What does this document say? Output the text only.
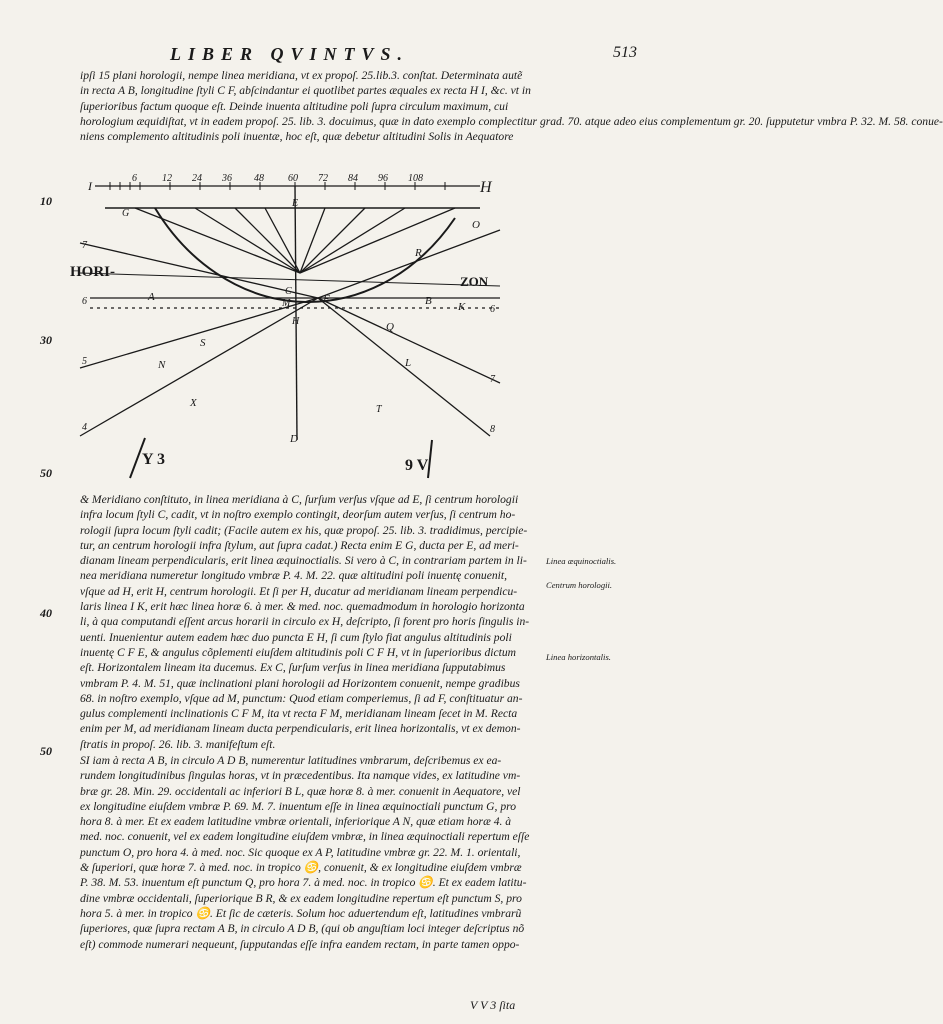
LIBER QVINTVS.	513
ipſi 15 plani horologii, nempe linea meridiana, vt ex propoſ. 25.lib.3. conſtat. Determinata autẽ
in recta A B, longitudine ſtyli C F, abſcindantur ei quotlibet partes æquales ex recta H I, &c. vt in
ſuperioribus factum quoque eſt. Deinde inuenta altitudine poli ſupra circulum maximum, cui
horologium æquidiſtat, vt in eadem propoſ. 25. lib. 3. docuimus, quæ in dato exemplo complectitur grad. 70. atque adeo eius complementum gr. 20. ſupputetur vmbra P. 32. M. 58. conue-
niens complemento altitudinis poli inuentæ, hoc eſt, quæ debetur altitudini Solis in Aequatore
I
6	12 24 36 48 60 72 84 96 108
H
HORI-
ZON
G
E
O
R
A	C
M	F	B K
H	Q
N	L
X
T
D
S
7
6
5
4
6
7
8
Y 3	9 V
10
30
50
& Meridiano conſtituto, in linea meridiana à C, ſurſum verſus vſque ad E, ſi centrum horologii
infra locum ſtyli C, cadit, vt in noſtro exemplo contingit, deorſum autem verſus, ſi centrum ho-
rologii ſupra locum ſtyli cadit; (Facile autem ex his, quæ propoſ. 25. lib. 3. tradidimus, percipie-
tur, an centrum horologii infra ſtylum, aut ſupra cadat.) Recta enim E G, ducta per E, ad meri-
dianam lineam perpendicularis, erit linea æquinoctialis. Si vero à C, in contrariam partem in li-
nea meridiana numeretur longitudo vmbræ P. 4. M. 22. quæ altitudini poli inuentę conuenit,
vſque ad H, erit H, centrum horologii. Et ſi per H, ducatur ad meridianam lineam perpendicu-
laris linea I K, erit hæc linea horæ 6. à mer. & med. noc. quemadmodum in horologio horizonta
li, à qua computandi eſſent arcus horarii in circulo ex H, deſcripto, ſi forent pro horis ſingulis in-
uenti. Inuenientur autem eadem hæc duo puncta E H, ſi cum ſtylo fiat angulus altitudinis poli
inuentę C F E, & angulus cõplementi eiuſdem altitudinis poli C F H, vt in ſuperioribus dictum
eſt. Horizontalem lineam ita ducemus. Ex C, ſurſum verſus in linea meridiana ſupputabimus
vmbram P. 4. M. 51, quæ inclinationi plani horologii ad Horizontem conuenit, nempe gradibus
68. in noſtro exemplo, vſque ad M, punctum: Quod etiam comperiemus, ſi ad F, conſtituatur an-
gulus complementi inclinationis C F M, ita vt recta F M, meridianam lineam ſecet in M. Recta
enim per M, ad meridianam lineam ducta perpendicularis, erit linea horizontalis, vt ex demon-
ſtratis in propoſ. 26. lib. 3. manifeſtum eſt.
40
50
Linea æquinoctialis.
Centrum horologii.
Linea horizontalis.
SI iam à recta A B, in circulo A D B, numerentur latitudines vmbrarum, deſcribemus ex ea-
rundem longitudinibus ſingulas horas, vt in præcedentibus. Ita namque vides, ex latitudine vm-
bræ gr. 28. Min. 29. occidentali ac inferiori B L, quæ horæ 8. à mer. conuenit in Aequatore, vel
ex longitudine eiuſdem vmbræ P. 69. M. 7. inuentum eſſe in linea æquinoctiali punctum G, pro
hora 8. à mer. Et ex eadem latitudine vmbræ orientali, inferiorique A N, quæ etiam horæ 4. à
med. noc. conuenit, vel ex eadem longitudine eiuſdem vmbræ, in linea æquinoctiali repertum eſſe
punctum O, pro hora 4. à med. noc. Sic quoque ex A P, latitudine vmbræ gr. 22. M. 1. orientali,
& ſuperiori, quæ horæ 7. à med. noc. in tropico ♋, conuenit, & ex longitudine eiuſdem vmbræ
P. 38. M. 53. inuentum eſt punctum Q, pro hora 7. à med. noc. in tropico ♋. Et ex eadem latitu-
dine vmbræ occidentali, ſuperiorique B R, & ex eadem longitudine repertum eſt punctum S, pro
hora 5. à mer. in tropico ♋. Et ſic de cæteris. Solum hoc aduertendum eſt, latitudines vmbrarũ
ſuperiores, quæ ſupra rectam A B, in circulo A D B, (qui ob anguſtiam loci integer deſcriptus nõ
eſt) commode numerari nequeunt, ſupputandas eſſe infra eandem rectam, in parte tamen oppo-
V V 3 ſita
